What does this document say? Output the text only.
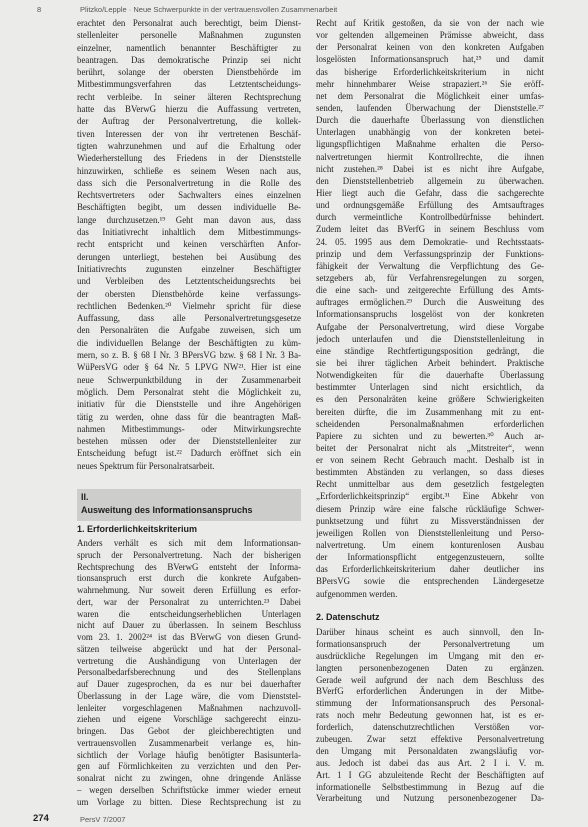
8	Plitzko/Lepple · Neue Schwerpunkte in der vertrauensvollen Zusammenarbeit
erachtet den Personalrat auch berechtigt, beim Dienst-
stellenleiter personelle Maßnahmen zugunsten
einzelner, namentlich benannter Beschäftigter zu
beantragen. Das demokratische Prinzip sei nicht
berührt, solange der obersten Dienstbehörde im
Mitbestimmungsverfahren das Letztentscheidungs-
recht verbleibe. In seiner älteren Rechtsprechung
hatte das BVerwG hierzu die Auffassung vertreten,
der Auftrag der Personalvertretung, die kollek-
tiven Interessen der von ihr vertretenen Beschäf-
tigten wahrzunehmen und auf die Erhaltung oder
Wiederherstellung des Friedens in der Dienststelle
hinzuwirken, schließe es seinem Wesen nach aus,
dass sich die Personalvertretung in die Rolle des
Rechtsvertreters oder Sachwalters eines einzelnen
Beschäftigten begibt, um dessen individuelle Be-
lange durchzusetzen.¹⁹ Geht man davon aus, dass
das Initiativrecht inhaltlich dem Mitbestimmungs-
recht entspricht und keinen verschärften Anfor-
derungen unterliegt, bestehen bei Ausübung des
Initiativrechts zugunsten einzelner Beschäftigter
und Verbleiben des Letztentscheidungsrechts bei
der obersten Dienstbehörde keine verfassungs-
rechtlichen Bedenken.²⁰ Vielmehr spricht für diese
Auffassung, dass alle Personalvertretungsgesetze
den Personalräten die Aufgabe zuweisen, sich um
die individuellen Belange der Beschäftigten zu küm-
mern, so z. B. § 68 I Nr. 3 BPersVG bzw. § 68 I Nr. 3 Ba-
WüPersVG oder § 64 Nr. 5 LPVG NW²¹. Hier ist eine
neue Schwerpunktbildung in der Zusammenarbeit
möglich. Dem Personalrat steht die Möglichkeit zu,
initiativ für die Dienststelle und ihre Angehörigen
tätig zu werden, ohne dass für die beantragten Maß-
nahmen Mitbestimmungs- oder Mitwirkungsrechte
bestehen müssen oder der Dienststellenleiter zur
Entscheidung befugt ist.²² Dadurch eröffnet sich ein
neues Spektrum für Personalratsarbeit.
II.
Ausweitung des Informationsanspruchs
1. Erforderlichkeitskriterium
Anders verhält es sich mit dem Informationsan-
spruch der Personalvertretung. Nach der bisherigen
Rechtsprechung des BVerwG entsteht der Informa-
tionsanspruch erst durch die konkrete Aufgaben-
wahrnehmung. Nur soweit deren Erfüllung es erfor-
dert, war der Personalrat zu unterrichten.²³ Dabei
waren die entscheidungserheblichen Unterlagen
nicht auf Dauer zu überlassen. In seinem Beschluss
vom 23. 1. 2002²⁴ ist das BVerwG von diesen Grund-
sätzen teilweise abgerückt und hat der Personal-
vertretung die Aushändigung von Unterlagen der
Personalbedarfsberechnung und des Stellenplans
auf Dauer zugesprochen, da es nur bei dauerhafter
Überlassung in der Lage wäre, die vom Dienststel-
lenleiter vorgeschlagenen Maßnahmen nachzuvoll-
ziehen und eigene Vorschläge sachgerecht einzu-
bringen. Das Gebot der gleichberechtigten und
vertrauensvollen Zusammenarbeit verlange es, hin-
sichtlich der Vorlage häufig benötigter Basisunterla-
gen auf Förmlichkeiten zu verzichten und den Per-
sonalrat nicht zu zwingen, ohne dringende Anlässe
– wegen derselben Schriftstücke immer wieder erneut
um Vorlage zu bitten. Diese Rechtsprechung ist zu
Recht auf Kritik gestoßen, da sie von der nach wie
vor geltenden allgemeinen Prämisse abweicht, dass
der Personalrat keinen von den konkreten Aufgaben
losgelösten Informationsanspruch hat,²⁵ und damit
das bisherige Erforderlichkeitskriterium in nicht
mehr hinnehmbarer Weise strapaziert.²⁶ Sie eröff-
net dem Personalrat die Möglichkeit einer umfas-
senden, laufenden Überwachung der Dienststelle.²⁷
Durch die dauerhafte Überlassung von dienstlichen
Unterlagen unabhängig von der konkreten betei-
ligungspflichtigen Maßnahme erhalten die Perso-
nalvertretungen hiermit Kontrollrechte, die ihnen
nicht zustehen.²⁸ Dabei ist es nicht ihre Aufgabe,
den Dienststellenbetrieb allgemein zu überwachen.
Hier liegt auch die Gefahr, dass die sachgerechte
und ordnungsgemäße Erfüllung des Amtsauftrages
durch vermeintliche Kontrollbedürfnisse behindert.
Zudem leitet das BVerfG in seinem Beschluss vom
24. 05. 1995 aus dem Demokratie- und Rechtsstaats-
prinzip und dem Verfassungsprinzip der Funktions-
fähigkeit der Verwaltung die Verpflichtung des Ge-
setzgebers ab, für Verfahrensregelungen zu sorgen,
die eine sach- und zeitgerechte Erfüllung des Amts-
auftrages ermöglichen.²⁹ Durch die Ausweitung des
Informationsanspruchs losgelöst von der konkreten
Aufgabe der Personalvertretung, wird diese Vorgabe
jedoch unterlaufen und die Dienststellenleitung in
eine ständige Rechtfertigungsposition gedrängt, die
sie bei ihrer täglichen Arbeit behindert. Praktische
Notwendigkeiten für die dauerhafte Überlassung
bestimmter Unterlagen sind nicht ersichtlich, da
es den Personalräten keine größere Schwierigkeiten
bereiten dürfte, die im Zusammenhang mit zu ent-
scheidenden Personalmaßnahmen erforderlichen
Papiere zu sichten und zu bewerten.³⁰ Auch ar-
beitet der Personalrat nicht als „Mitstreiter“, wenn
er von seinem Recht Gebrauch macht. Deshalb ist in
bestimmten Abständen zu verlangen, so dass dieses
Recht unmittelbar aus dem gesetzlich festgelegten
„Erforderlichkeitsprinzip“ ergibt.³¹ Eine Abkehr von
diesem Prinzip wäre eine falsche rückläufige Schwer-
punktsetzung und führt zu Missverständnissen der
jeweiligen Rollen von Dienststellenleitung und Perso-
nalvertretung. Um einem konturenlosen Ausbau
der Informationspflicht entgegenzusteuern, sollte
das Erforderlichkeitskriterium daher deutlicher ins
BPersVG sowie die entsprechenden Ländergesetze
aufgenommen werden.
2. Datenschutz
Darüber hinaus scheint es auch sinnvoll, den In-
formationsanspruch der Personalvertretung um
ausdrückliche Regelungen im Umgang mit den er-
langten personenbezogenen Daten zu ergänzen.
Gerade weil aufgrund der nach dem Beschluss des
BVerfG erforderlichen Änderungen in der Mitbe-
stimmung der Informationsanspruch des Personal-
rats noch mehr Bedeutung gewonnen hat, ist es er-
forderlich, datenschutzrechtlichen Verstößen vor-
zubeugen. Zwar setzt effektive Personalvertretung
den Umgang mit Personaldaten zwangsläufig vor-
aus. Jedoch ist dabei das aus Art. 2 I i. V. m.
Art. 1 I GG abzuleitende Recht der Beschäftigten auf
informationelle Selbstbestimmung in Bezug auf die
Verarbeitung und Nutzung personenbezogener Da-
274	PersV 7/2007
